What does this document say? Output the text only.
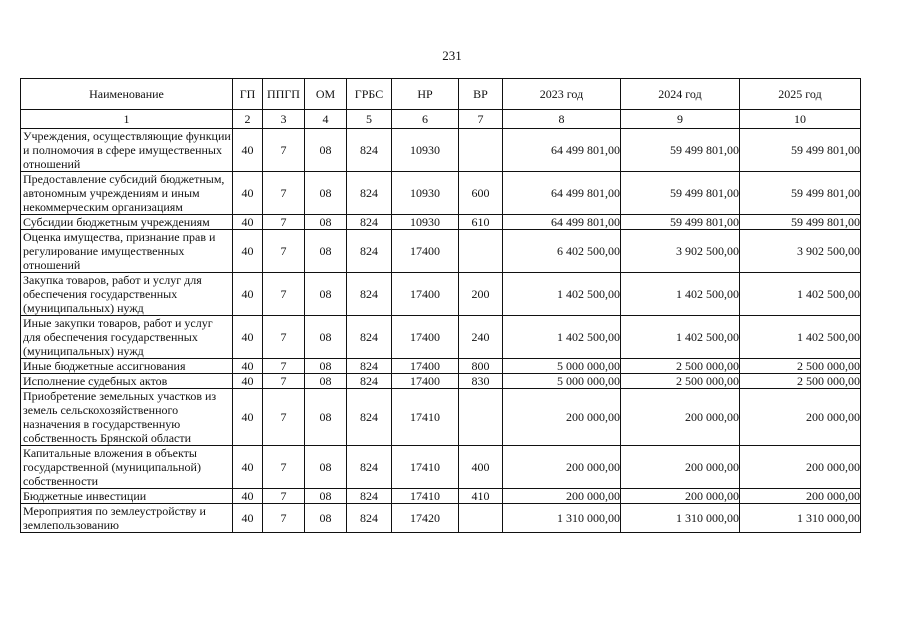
231
Наименование	ГП	ППГП	ОМ	ГРБС	НР	ВР	2023 год	2024 год	2025 год
1	2	3	4	5	6	7	8	9	10
Учреждения, осуществляющие функции и полномочия в сфере имущественных отношений	40	7	08	824	10930		64 499 801,00	59 499 801,00	59 499 801,00
Предоставление субсидий бюджетным, автономным учреждениям и иным некоммерческим организациям	40	7	08	824	10930	600	64 499 801,00	59 499 801,00	59 499 801,00
Субсидии бюджетным учреждениям	40	7	08	824	10930	610	64 499 801,00	59 499 801,00	59 499 801,00
Оценка имущества, признание прав и регулирование имущественных отношений	40	7	08	824	17400		6 402 500,00	3 902 500,00	3 902 500,00
Закупка товаров, работ и услуг для обеспечения государственных (муниципальных) нужд	40	7	08	824	17400	200	1 402 500,00	1 402 500,00	1 402 500,00
Иные закупки товаров, работ и услуг для обеспечения государственных (муниципальных) нужд	40	7	08	824	17400	240	1 402 500,00	1 402 500,00	1 402 500,00
Иные бюджетные ассигнования	40	7	08	824	17400	800	5 000 000,00	2 500 000,00	2 500 000,00
Исполнение судебных актов	40	7	08	824	17400	830	5 000 000,00	2 500 000,00	2 500 000,00
Приобретение земельных участков из земель сельскохозяйственного назначения в государственную собственность Брянской области	40	7	08	824	17410		200 000,00	200 000,00	200 000,00
Капитальные вложения в объекты государственной (муниципальной) собственности	40	7	08	824	17410	400	200 000,00	200 000,00	200 000,00
Бюджетные инвестиции	40	7	08	824	17410	410	200 000,00	200 000,00	200 000,00
Мероприятия по землеустройству и землепользованию	40	7	08	824	17420		1 310 000,00	1 310 000,00	1 310 000,00
